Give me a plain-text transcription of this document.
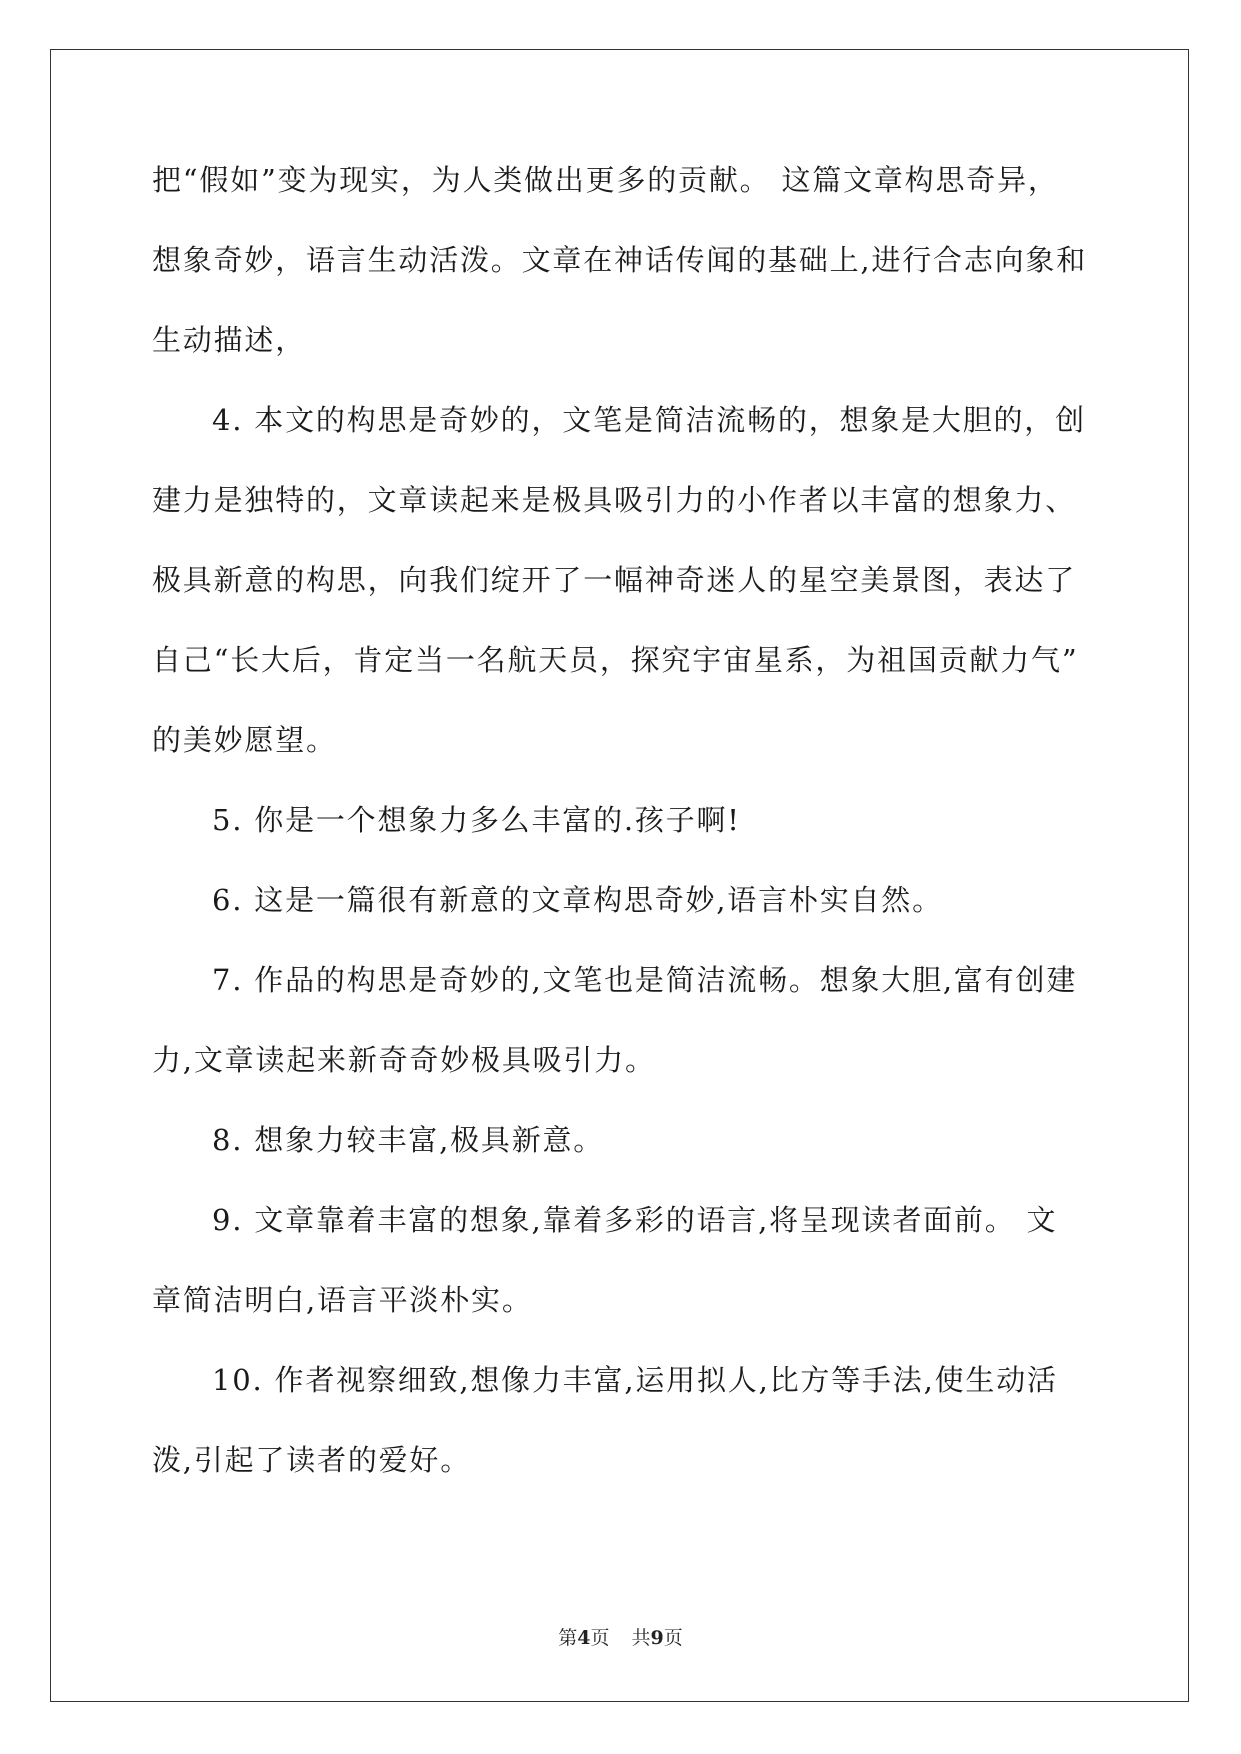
把“假如”变为现实，为人类做出更多的贡献。 这篇文章构思奇异，
想象奇妙，语言生动活泼。文章在神话传闻的基础上,进行合志向象和
生动描述，
4. 本文的构思是奇妙的，文笔是简洁流畅的，想象是大胆的，创
建力是独特的，文章读起来是极具吸引力的小作者以丰富的想象力、
极具新意的构思，向我们绽开了一幅神奇迷人的星空美景图，表达了
自己“长大后，肯定当一名航天员，探究宇宙星系，为祖国贡献力气”
的美妙愿望。
5. 你是一个想象力多么丰富的.孩子啊!
6. 这是一篇很有新意的文章构思奇妙,语言朴实自然。
7. 作品的构思是奇妙的,文笔也是简洁流畅。想象大胆,富有创建
力,文章读起来新奇奇妙极具吸引力。
8. 想象力较丰富,极具新意。
9. 文章靠着丰富的想象,靠着多彩的语言,将呈现读者面前。 文
章简洁明白,语言平淡朴实。
10. 作者视察细致,想像力丰富,运用拟人,比方等手法,使生动活
泼,引起了读者的爱好。
第4页 共9页
